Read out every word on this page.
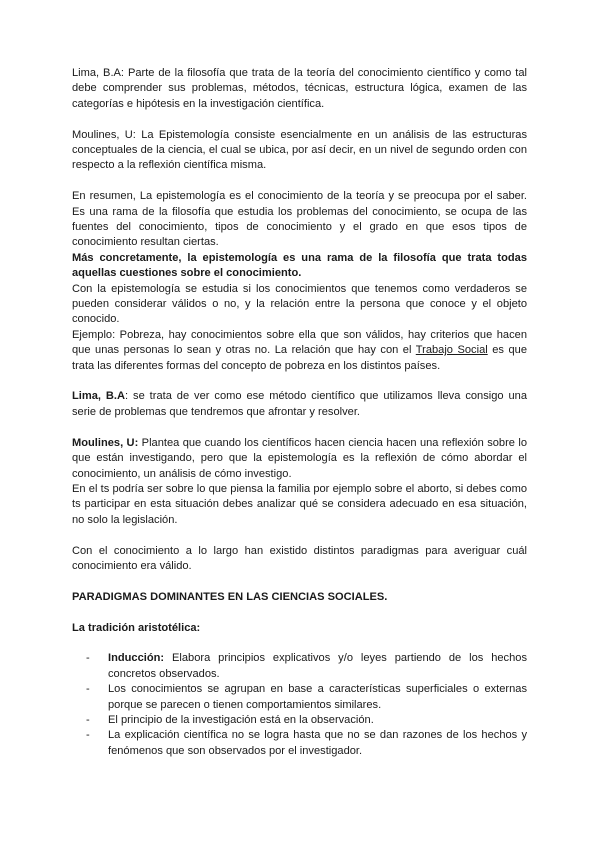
Lima, B.A: Parte de la filosofía que trata de la teoría del conocimiento científico y como tal debe comprender sus problemas, métodos, técnicas, estructura lógica, examen de las categorías e hipótesis en la investigación científica.

Moulines, U: La Epistemología consiste esencialmente en un análisis de las estructuras conceptuales de la ciencia, el cual se ubica, por así decir, en un nivel de segundo orden con respecto a la reflexión científica misma.

En resumen, La epistemología es el conocimiento de la teoría y se preocupa por el saber. Es una rama de la filosofía que estudia los problemas del conocimiento, se ocupa de las fuentes del conocimiento, tipos de conocimiento y el grado en que esos tipos de conocimiento resultan ciertas.

Más concretamente, la epistemología es una rama de la filosofía que trata todas aquellas cuestiones sobre el conocimiento.

Con la epistemología se estudia si los conocimientos que tenemos como verdaderos se pueden considerar válidos o no, y la relación entre la persona que conoce y el objeto conocido.

Ejemplo: Pobreza, hay conocimientos sobre ella que son válidos, hay criterios que hacen que unas personas lo sean y otras no. La relación que hay con el Trabajo Social es que trata las diferentes formas del concepto de pobreza en los distintos países.

Lima, B.A: se trata de ver como ese método científico que utilizamos lleva consigo una serie de problemas que tendremos que afrontar y resolver.

Moulines, U: Plantea que cuando los científicos hacen ciencia hacen una reflexión sobre lo que están investigando, pero que la epistemología es la reflexión de cómo abordar el conocimiento, un análisis de cómo investigo.

En el ts podría ser sobre lo que piensa la familia por ejemplo sobre el aborto, si debes como ts participar en esta situación debes analizar qué se considera adecuado en esa situación, no solo la legislación.

Con el conocimiento a lo largo han existido distintos paradigmas para averiguar cuál conocimiento era válido.

PARADIGMAS DOMINANTES EN LAS CIENCIAS SOCIALES.

La tradición aristotélica:

- Inducción: Elabora principios explicativos y/o leyes partiendo de los hechos concretos observados.
- Los conocimientos se agrupan en base a características superficiales o externas porque se parecen o tienen comportamientos similares.
- El principio de la investigación está en la observación.
- La explicación científica no se logra hasta que no se dan razones de los hechos y fenómenos que son observados por el investigador.
